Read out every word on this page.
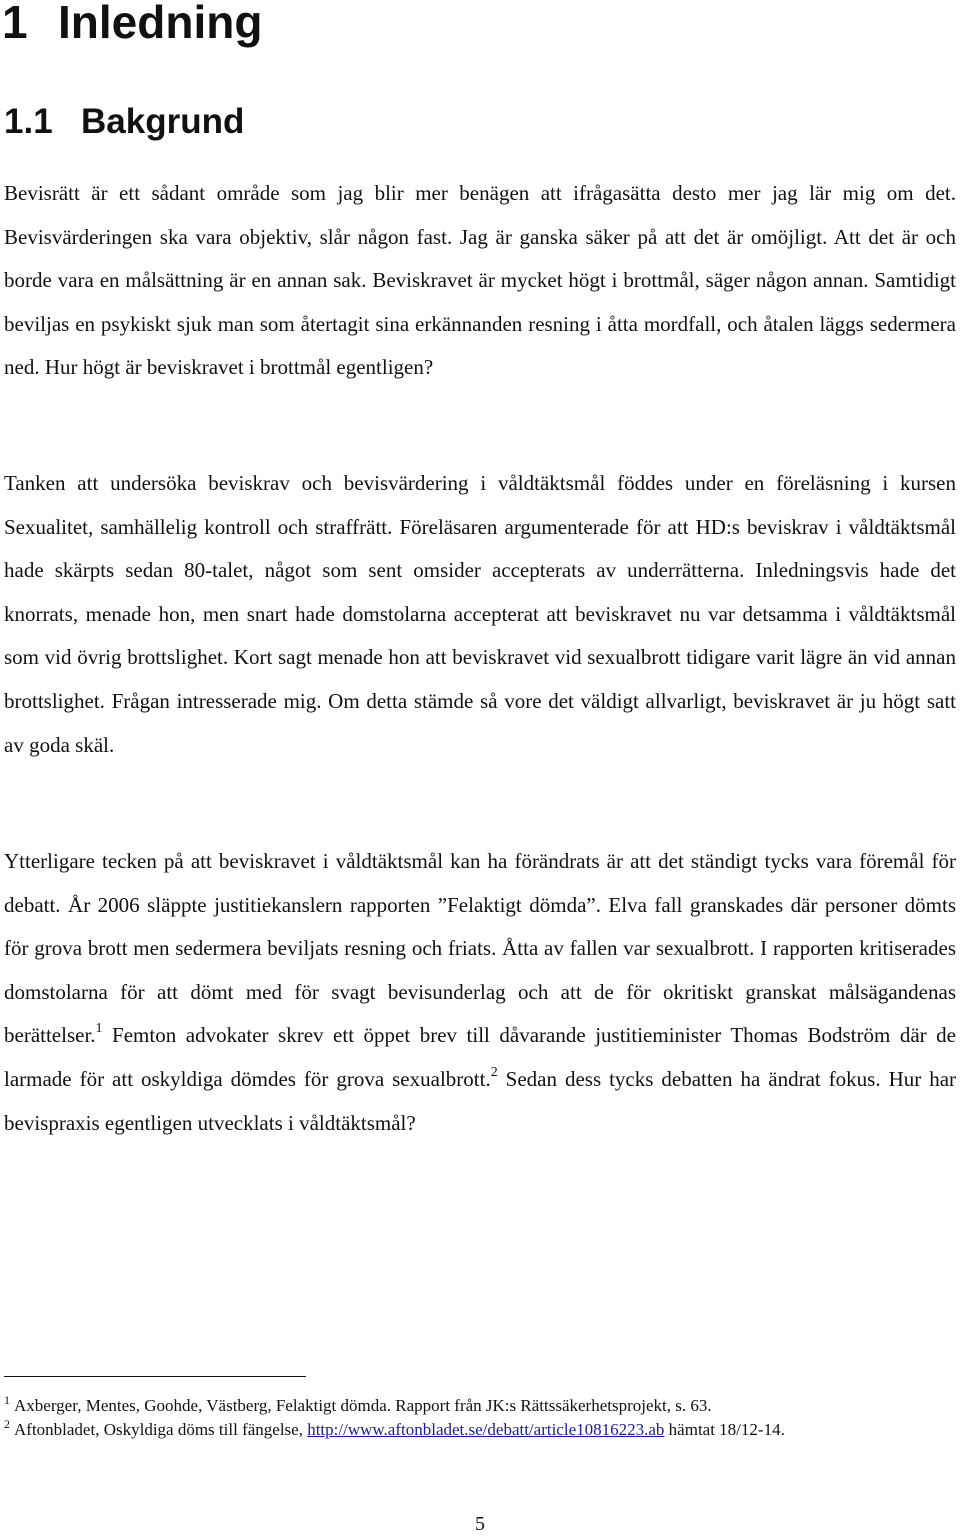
1 Inledning
1.1 Bakgrund

Bevisrätt är ett sådant område som jag blir mer benägen att ifrågasätta desto mer jag lär mig om det. Bevisvärderingen ska vara objektiv, slår någon fast. Jag är ganska säker på att det är omöjligt. Att det är och borde vara en målsättning är en annan sak. Beviskravet är mycket högt i brottmål, säger någon annan. Samtidigt beviljas en psykiskt sjuk man som återtagit sina erkännanden resning i åtta mordfall, och åtalen läggs sedermera ned. Hur högt är beviskravet i brottmål egentligen?

Tanken att undersöka beviskrav och bevisvärdering i våldtäktsmål föddes under en föreläsning i kursen Sexualitet, samhällelig kontroll och straffrätt. Föreläsaren argumenterade för att HD:s beviskrav i våldtäktsmål hade skärpts sedan 80-talet, något som sent omsider accepterats av underrätterna. Inledningsvis hade det knorrats, menade hon, men snart hade domstolarna accepterat att beviskravet nu var detsamma i våldtäktsmål som vid övrig brottslighet. Kort sagt menade hon att beviskravet vid sexualbrott tidigare varit lägre än vid annan brottslighet. Frågan intresserade mig. Om detta stämde så vore det väldigt allvarligt, beviskravet är ju högt satt av goda skäl.

Ytterligare tecken på att beviskravet i våldtäktsmål kan ha förändrats är att det ständigt tycks vara föremål för debatt. År 2006 släppte justitiekanslern rapporten ”Felaktigt dömda”. Elva fall granskades där personer dömts för grova brott men sedermera beviljats resning och friats. Åtta av fallen var sexualbrott. I rapporten kritiserades domstolarna för att dömt med för svagt bevisunderlag och att de för okritiskt granskat målsägandenas berättelser.$^1$ Femton advokater skrev ett öppet brev till dåvarande justitieminister Thomas Bodström där de larmade för att oskyldiga dömdes för grova sexualbrott.$^2$ Sedan dess tycks debatten ha ändrat fokus. Hur har bevispraxis egentligen utvecklats i våldtäktsmål?

$^1$ Axberger, Mentes, Goohde, Västberg, Felaktigt dömda. Rapport från JK:s Rättssäkerhetsprojekt, s. 63.

$^2$ Aftonbladet, Oskyldiga döms till fängelse, http://www.aftonbladet.se/debatt/article10816223.ab hämtat 18/12-14.

5
